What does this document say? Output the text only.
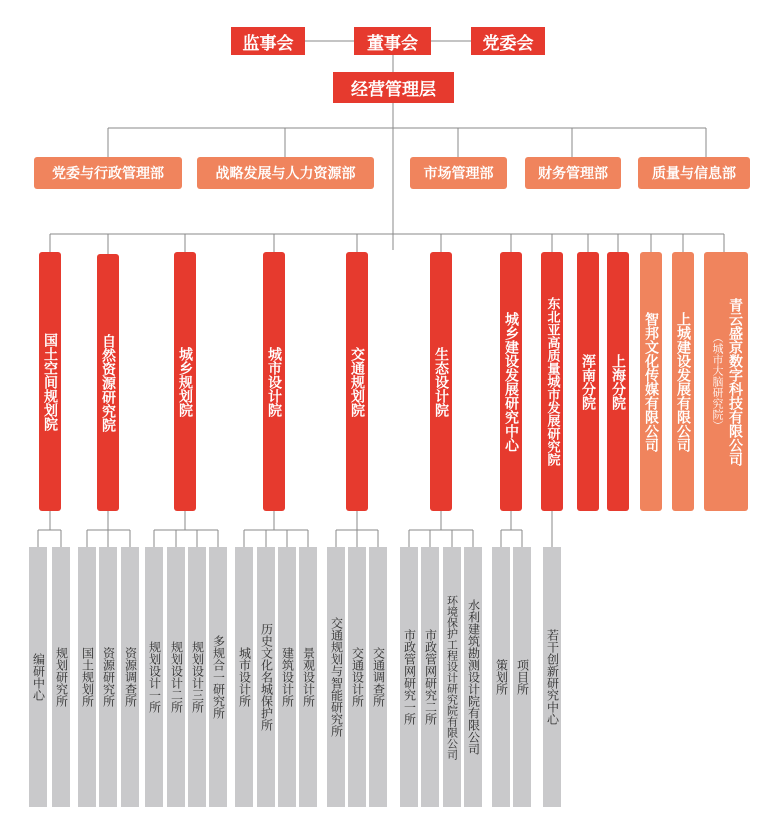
监事会	董事会	党委会
经营管理层
党委与行政管理部	战略发展与人力资源部	市场管理部	财务管理部	质量与信息部
国土空间规划院	自然资源研究院	城乡规划院	城市设计院	交通规划院	生态设计院	城乡建设发展研究中心 东北亚高质量城市发展研究院 浑南分院 上海分院 智邦文化传媒有限公司 上城建设发展有限公司	青云盛京数字科技有限公司
（城市大脑研究院）
编研中心 规划研究所 国土规划所 资源研究所 资源调查所 规划设计一所 规划设计二所 规划设计三所 多规合一研究所 城市设计所 历史文化名城保护所 建筑设计所 景观设计所 交通规划与智能研究所 交通设计所 交通调查所 市政管网研究一所 市政管网研究二所 环境保护工程设计研究院有限公司 水利建筑勘测设计院有限公司 策划所 项目所 若干创新研究中心
